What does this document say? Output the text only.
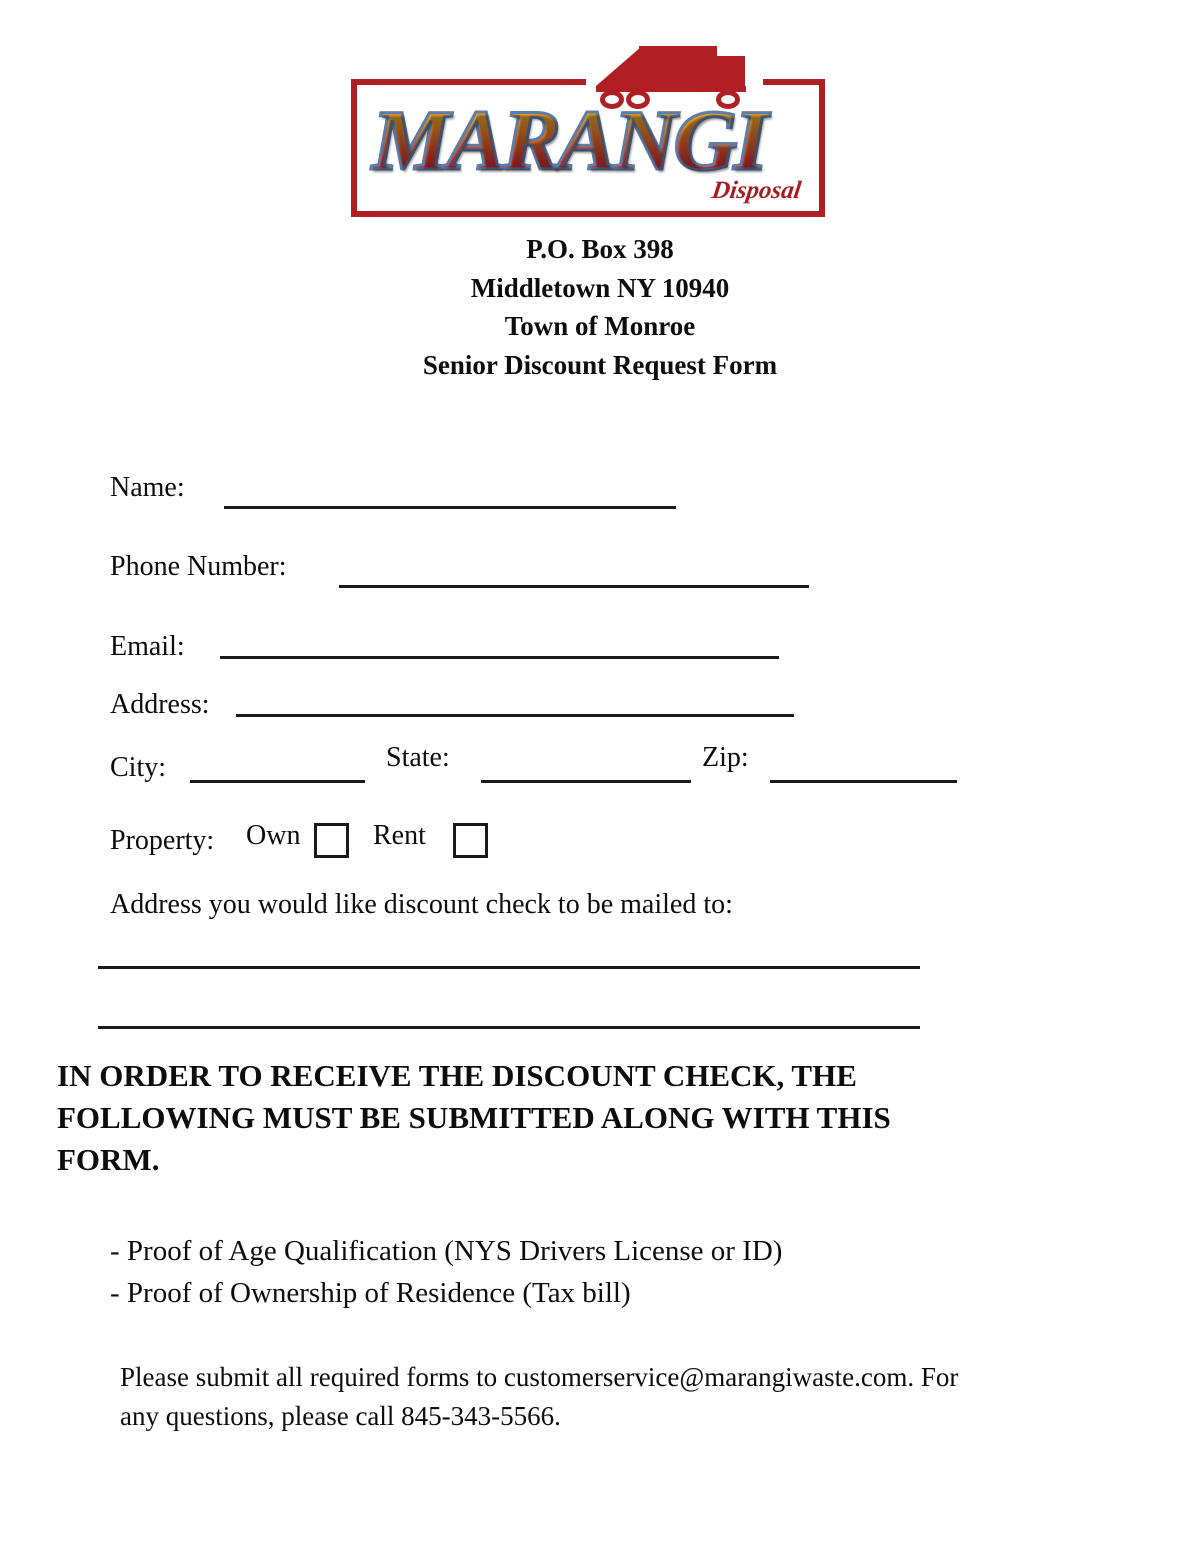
MARANGI
Disposal
P.O. Box 398
Middletown NY 10940
Town of Monroe
Senior Discount Request Form
Name:
Phone Number:
Email:
Address:
City:	State:	Zip:
Property: Own	Rent
Address you would like discount check to be mailed to:
IN ORDER TO RECEIVE THE DISCOUNT CHECK, THE FOLLOWING MUST BE SUBMITTED ALONG WITH THIS FORM.
- Proof of Age Qualification (NYS Drivers License or ID)
- Proof of Ownership of Residence (Tax bill)
Please submit all required forms to customerservice@marangiwaste.com. For any questions, please call 845-343-5566.
